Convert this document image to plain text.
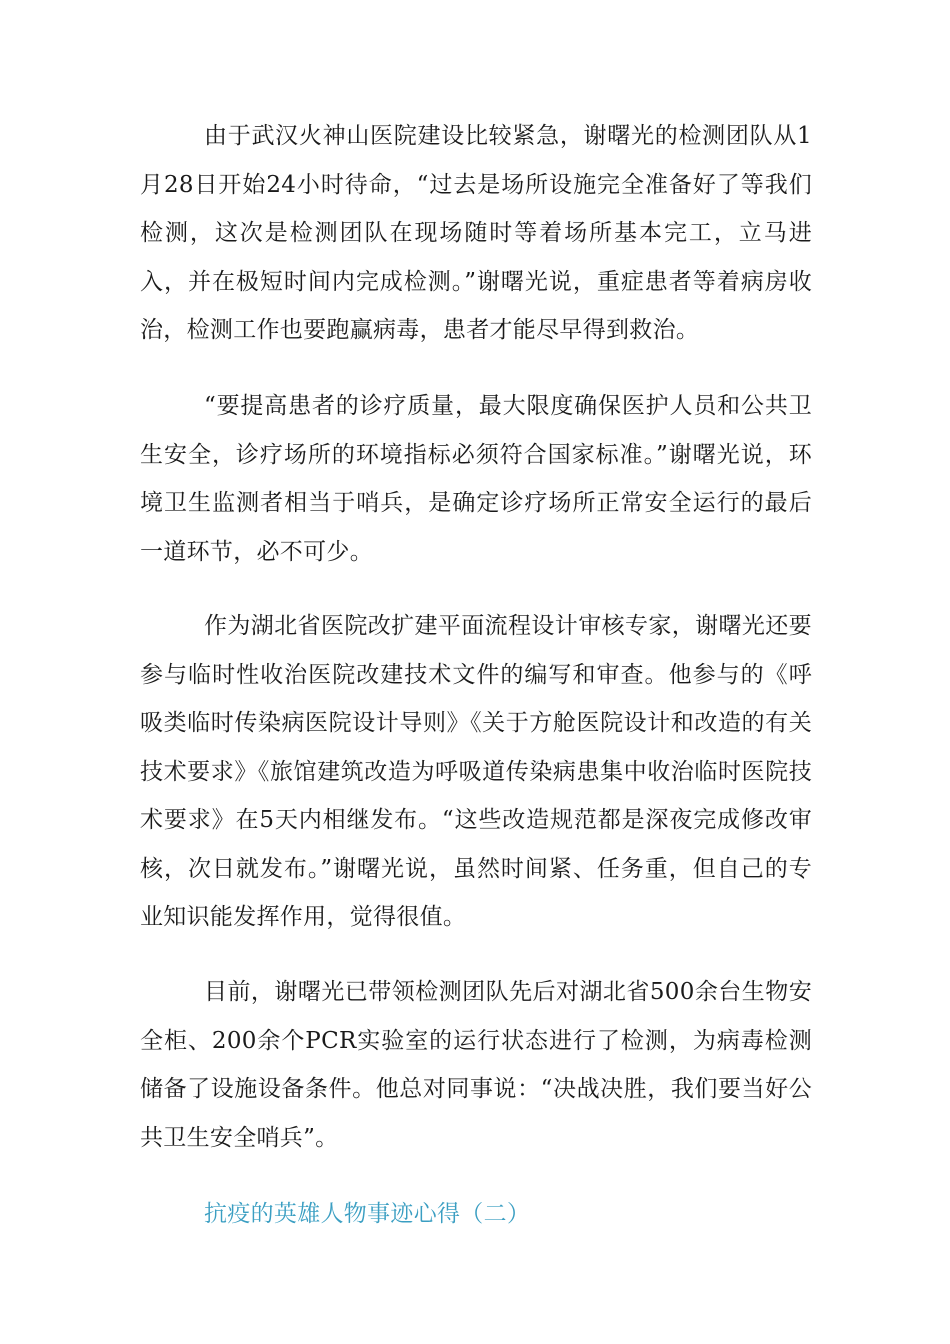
由于武汉火神山医院建设比较紧急，谢曙光的检测团队从1月28日开始24小时待命，“过去是场所设施完全准备好了等我们检测，这次是检测团队在现场随时等着场所基本完工，立马进入，并在极短时间内完成检测。”谢曙光说，重症患者等着病房收治，检测工作也要跑赢病毒，患者才能尽早得到救治。

“要提高患者的诊疗质量，最大限度确保医护人员和公共卫生安全，诊疗场所的环境指标必须符合国家标准。”谢曙光说，环境卫生监测者相当于哨兵，是确定诊疗场所正常安全运行的最后一道环节，必不可少。

作为湖北省医院改扩建平面流程设计审核专家，谢曙光还要参与临时性收治医院改建技术文件的编写和审查。他参与的《呼吸类临时传染病医院设计导则》《关于方舱医院设计和改造的有关技术要求》《旅馆建筑改造为呼吸道传染病患集中收治临时医院技术要求》在5天内相继发布。“这些改造规范都是深夜完成修改审核，次日就发布。”谢曙光说，虽然时间紧、任务重，但自己的专业知识能发挥作用，觉得很值。

目前，谢曙光已带领检测团队先后对湖北省500余台生物安全柜、200余个PCR实验室的运行状态进行了检测，为病毒检测储备了设施设备条件。他总对同事说：“决战决胜，我们要当好公共卫生安全哨兵”。

抗疫的英雄人物事迹心得（二）
